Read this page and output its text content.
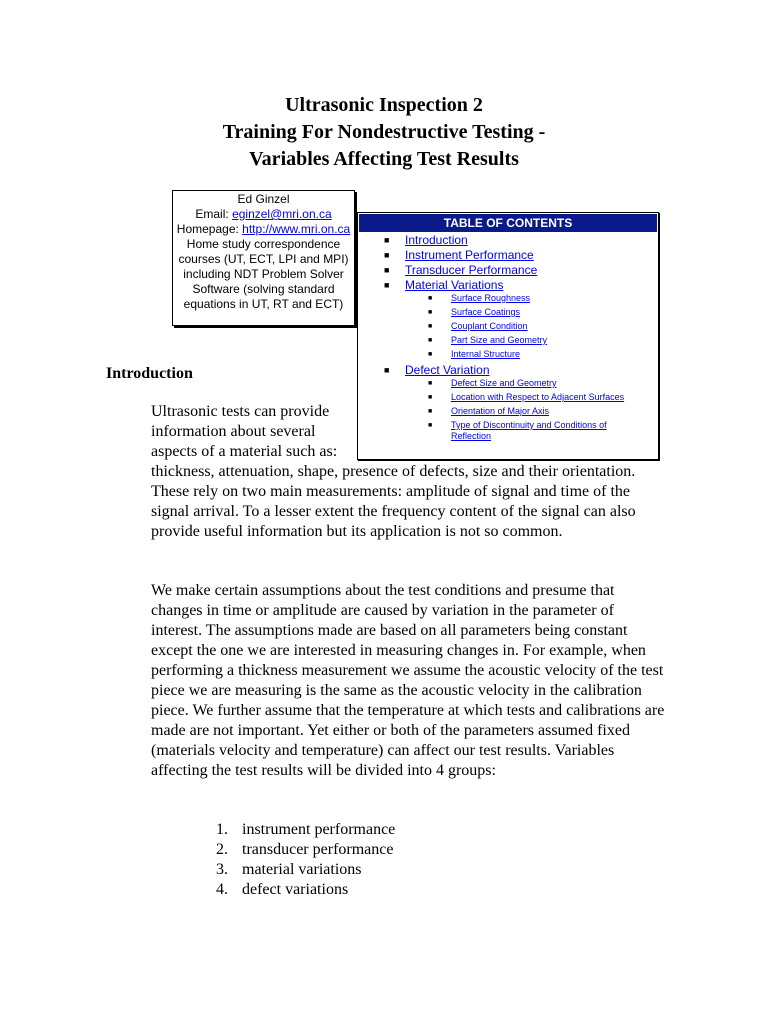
Ultrasonic Inspection 2
Training For Nondestructive Testing -
Variables Affecting Test Results
Ed Ginzel
Email: eginzel@mri.on.ca
Homepage: http://www.mri.on.ca
Home study correspondence courses (UT, ECT, LPI and MPI) including NDT Problem Solver Software (solving standard equations in UT, RT and ECT)
TABLE OF CONTENTS
■ Introduction
■ Instrument Performance
■ Transducer Performance
■ Material Variations
■ Surface Roughness
■ Surface Coatings
■ Couplant Condition
■ Part Size and Geometry
■ Internal Structure
■ Defect Variation
■ Defect Size and Geometry
■ Location with Respect to Adjacent Surfaces
■ Orientation of Major Axis
■ Type of Discontinuity and Conditions of Reflection
Introduction
Ultrasonic tests can provide information about several aspects of a material such as:
thickness, attenuation, shape, presence of defects, size and their orientation. These rely on two main measurements: amplitude of signal and time of the signal arrival. To a lesser extent the frequency content of the signal can also provide useful information but its application is not so common.
We make certain assumptions about the test conditions and presume that changes in time or amplitude are caused by variation in the parameter of interest. The assumptions made are based on all parameters being constant except the one we are interested in measuring changes in. For example, when performing a thickness measurement we assume the acoustic velocity of the test piece we are measuring is the same as the acoustic velocity in the calibration piece. We further assume that the temperature at which tests and calibrations are made are not important. Yet either or both of the parameters assumed fixed (materials velocity and temperature) can affect our test results. Variables affecting the test results will be divided into 4 groups:
1. instrument performance
2. transducer performance
3. material variations
4. defect variations
